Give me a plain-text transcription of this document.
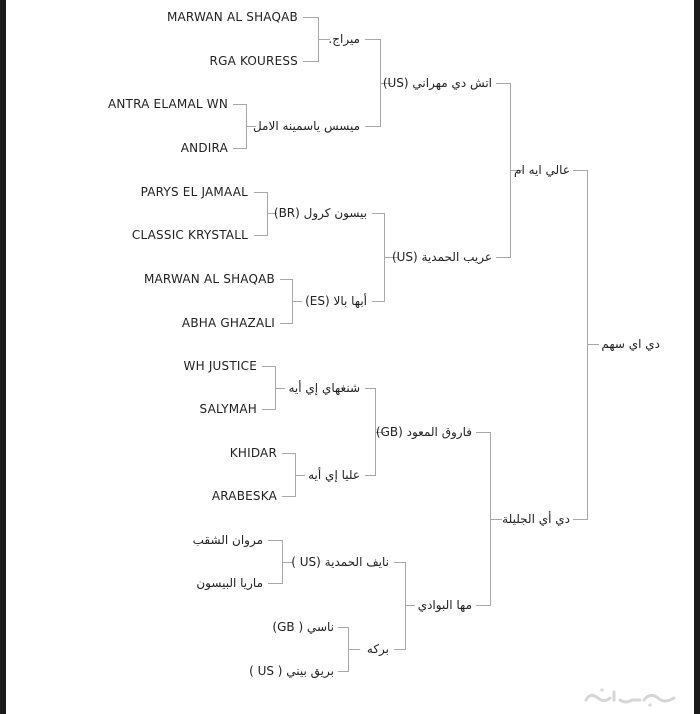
دي اي سهم
عالي ايه ام
دي أي الجليلة
اتش دي مهراني (US)
عريب الحمدية (US)
فاروق المعود (GB)
مها البوادي
ميراج.
ميسس ياسمينه الامل
بيسون كرول (BR)
أبها بالا (ES)
شنغهاي إي أيه
عليا إي أيه
نايف الحمدية (US )
بركه
MARWAN AL SHAQAB
RGA KOURESS
ANTRA ELAMAL WN
ANDIRA
PARYS EL JAMAAL
CLASSIC KRYSTALL
MARWAN AL SHAQAB
ABHA GHAZALI
WH JUSTICE
SALYMAH
KHIDAR
ARABESKA
مروان الشقب
ماريا البيسون
ناسي ( GB)
بريق بيني ( US )
